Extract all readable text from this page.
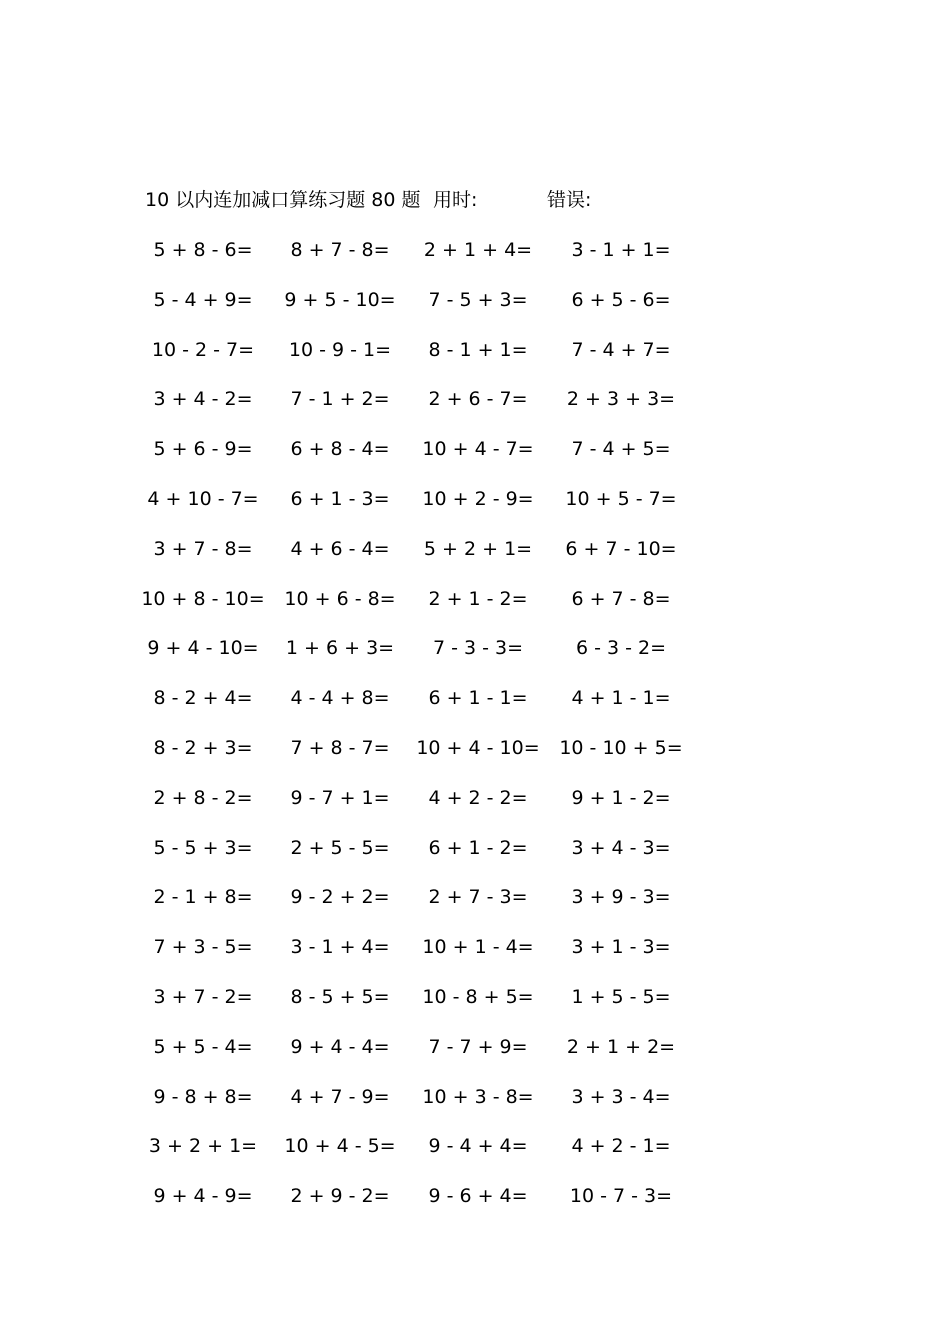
10 以内连加减口算练习题 80 题 用时:	错误:
5 + 8 - 6=	8 + 7 - 8=	2 + 1 + 4=	3 - 1 + 1=
5 - 4 + 9=	9 + 5 - 10=	7 - 5 + 3=	6 + 5 - 6=
10 - 2 - 7=	10 - 9 - 1=	8 - 1 + 1=	7 - 4 + 7=
3 + 4 - 2=	7 - 1 + 2=	2 + 6 - 7=	2 + 3 + 3=
5 + 6 - 9=	6 + 8 - 4=	10 + 4 - 7=	7 - 4 + 5=
4 + 10 - 7=	6 + 1 - 3=	10 + 2 - 9=	10 + 5 - 7=
3 + 7 - 8=	4 + 6 - 4=	5 + 2 + 1=	6 + 7 - 10=
10 + 8 - 10=	10 + 6 - 8=	2 + 1 - 2=	6 + 7 - 8=
9 + 4 - 10=	1 + 6 + 3=	7 - 3 - 3=	6 - 3 - 2=
8 - 2 + 4=	4 - 4 + 8=	6 + 1 - 1=	4 + 1 - 1=
8 - 2 + 3=	7 + 8 - 7=	10 + 4 - 10= 10 - 10 + 5=
2 + 8 - 2=	9 - 7 + 1=	4 + 2 - 2=	9 + 1 - 2=
5 - 5 + 3=	2 + 5 - 5=	6 + 1 - 2=	3 + 4 - 3=
2 - 1 + 8=	9 - 2 + 2=	2 + 7 - 3=	3 + 9 - 3=
7 + 3 - 5=	3 - 1 + 4=	10 + 1 - 4=	3 + 1 - 3=
3 + 7 - 2=	8 - 5 + 5=	10 - 8 + 5=	1 + 5 - 5=
5 + 5 - 4=	9 + 4 - 4=	7 - 7 + 9=	2 + 1 + 2=
9 - 8 + 8=	4 + 7 - 9=	10 + 3 - 8=	3 + 3 - 4=
3 + 2 + 1=	10 + 4 - 5=	9 - 4 + 4=	4 + 2 - 1=
9 + 4 - 9=	2 + 9 - 2=	9 - 6 + 4=	10 - 7 - 3=
